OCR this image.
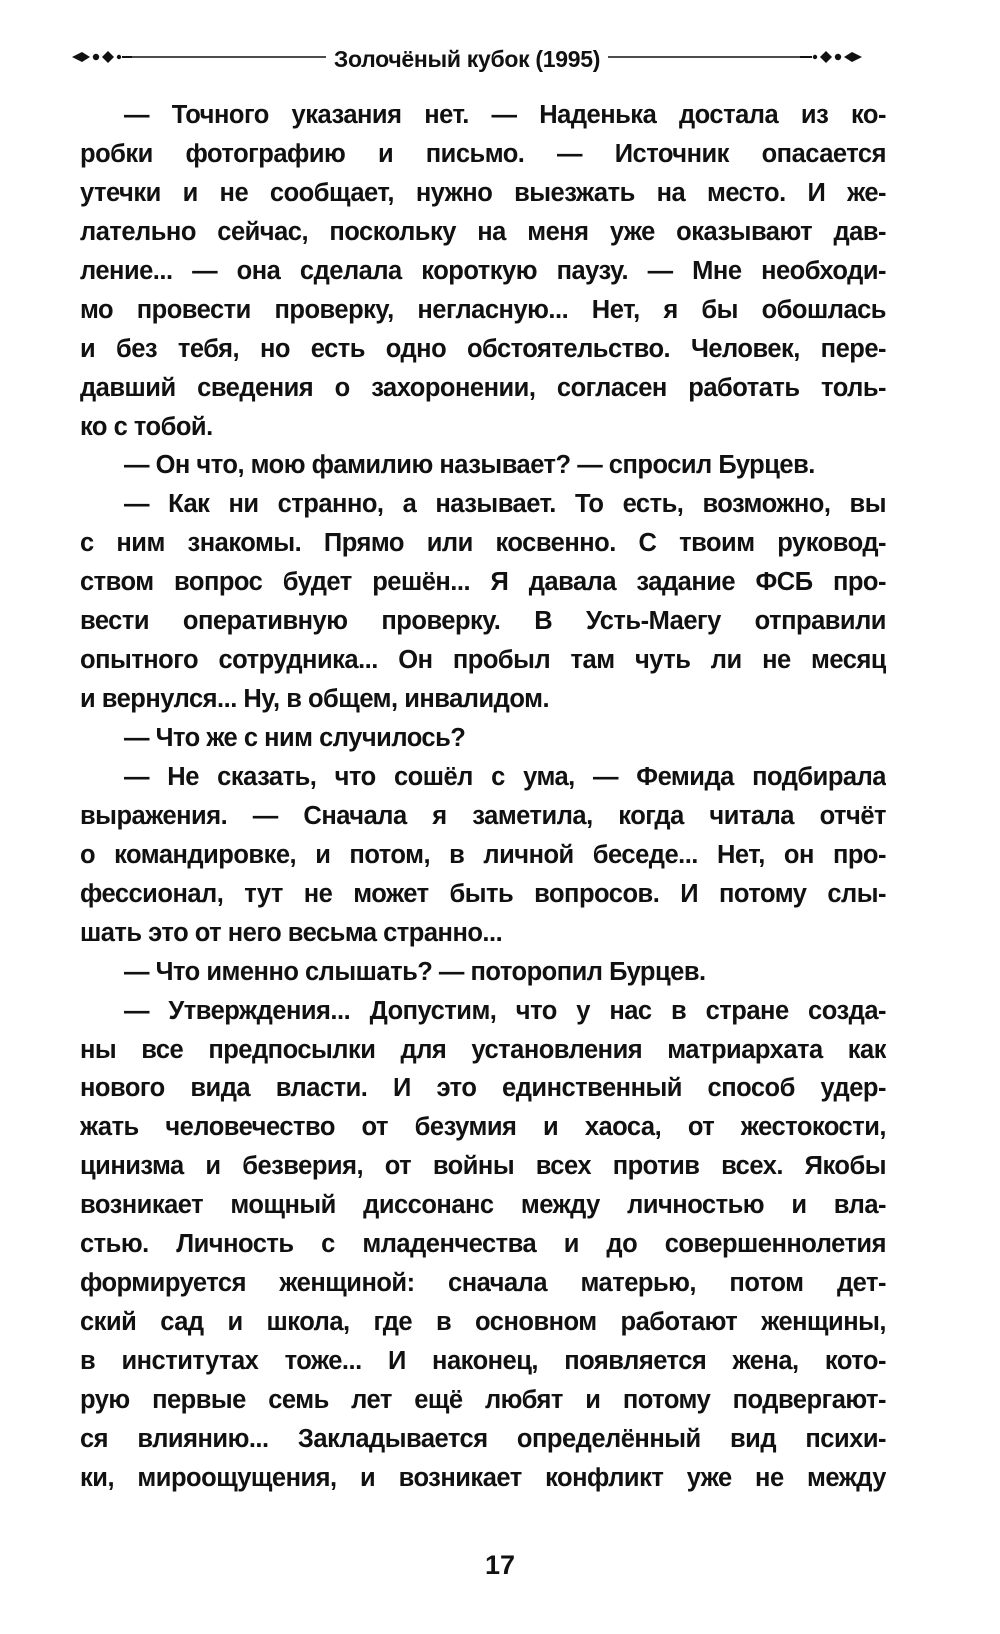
Золочёный кубок (1995)
— Точного указания нет. — Наденька достала из ко-
робки фотографию и письмо. — Источник опасается
утечки и не сообщает, нужно выезжать на место. И же-
лательно сейчас, поскольку на меня уже оказывают дав-
ление... — она сделала короткую паузу. — Мне необходи-
мо провести проверку, негласную... Нет, я бы обошлась
и без тебя, но есть одно обстоятельство. Человек, пере-
давший сведения о захоронении, согласен работать толь-
ко с тобой.
— Он что, мою фамилию называет? — спросил Бурцев.
— Как ни странно, а называет. То есть, возможно, вы
с ним знакомы. Прямо или косвенно. С твоим руковод-
ством вопрос будет решён... Я давала задание ФСБ про-
вести оперативную проверку. В Усть-Маегу отправили
опытного сотрудника... Он пробыл там чуть ли не месяц
и вернулся... Ну, в общем, инвалидом.
— Что же с ним случилось?
— Не сказать, что сошёл с ума, — Фемида подбирала
выражения. — Сначала я заметила, когда читала отчёт
о командировке, и потом, в личной беседе... Нет, он про-
фессионал, тут не может быть вопросов. И потому слы-
шать это от него весьма странно...
— Что именно слышать? — поторопил Бурцев.
— Утверждения... Допустим, что у нас в стране созда-
ны все предпосылки для установления матриархата как
нового вида власти. И это единственный способ удер-
жать человечество от безумия и хаоса, от жестокости,
цинизма и безверия, от войны всех против всех. Якобы
возникает мощный диссонанс между личностью и вла-
стью. Личность с младенчества и до совершеннолетия
формируется женщиной: сначала матерью, потом дет-
ский сад и школа, где в основном работают женщины,
в институтах тоже... И наконец, появляется жена, кото-
рую первые семь лет ещё любят и потому подвергают-
ся влиянию... Закладывается определённый вид психи-
ки, мироощущения, и возникает конфликт уже не между
17
